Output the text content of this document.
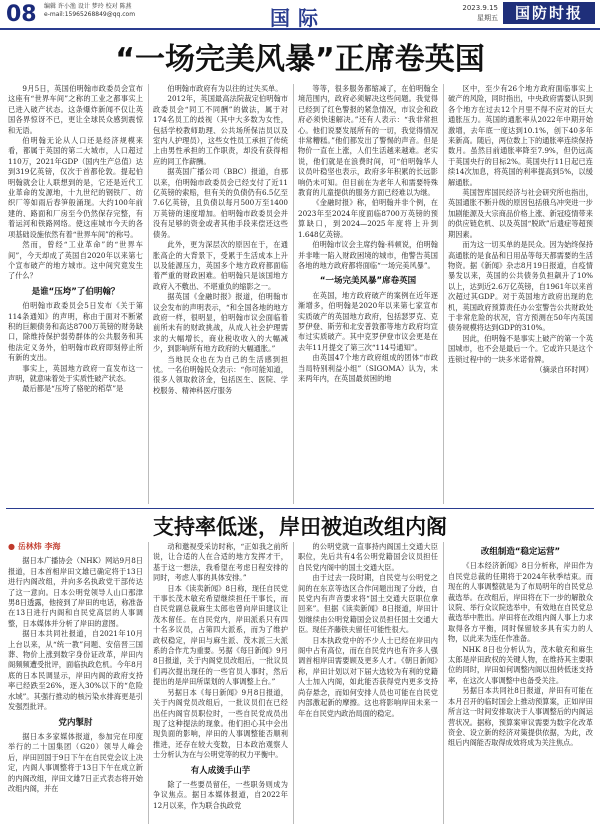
08 编辑 许小渔 设计 梦玲 校对 陈燕
e-mail:15965268849@qq.com	国际	2023.9.15
星期五	国防时报
“一场完美风暴”正席卷英国

9月5日，英国伯明翰市政委员会宣布这座有“世界车间”之称的工业之都事实上已进入破产状态。这条爆炸新闻不仅让英国各界惊讶不已，更让全球民众感到震惊和无语。

伯明翰无论从人口还是经济规模来看，都属于英国的第二大城市，人口超过110万，2021年GDP（国内生产总值）达到319亿英镑，仅次于首都伦敦。提起伯明翰就会让人联想到的是，它还是近代工业革命的发源地，十九世纪的钢铁厂、纺织厂等如雨后春笋般涌现。大约100年前建的、路面和厂房至今仍然保存完整，有着运河和铁路网络。使这座城市今天的各项基础设施依然有着“世界车间”的称号。

然而，曾经“工业革命”的“世界车间”，今天却成了英国自2020年以来第七个宣布破产的地方城市。这中间究竟发生了什么？

是谁“压垮”了伯明翰？

伯明翰市政委员会5日发布《关于第114条通知》的声明，称由于面对不断紧积的巨额债务和高达8700万英镑的财务缺口，除维持保护弱势群体的公共服务和其他法定义务外，伯明翰市政府即刻停止所有新的支出。

事实上，英国地方政府一直发布这一声明，就意味着处于实质性破产状态。

最后都是“压垮了骆驼的稻草”是

伯明翰市政府有为以往的过失买单。

2012年，英国最高法院裁定伯明翰市政委员会“同工不同酬”的做法，属于对174名员工的歧视（其中大多数为女性，包括学校教师助理、公共场所保洁员以及室内人护理员），这些女性员工承担了传统上由男性承担的工作职责，却没有获得相应的同工作薪酬。

据英国广播公司（BBC）报道，自那以来，伯明翰市政委员会已经支付了近11亿英镑的索赔，但有关的负债仍有6.5亿至7.6亿英镑，且负债以每月500万至1400万英镑的速度增加。伯明翰市政委员会并没有足够的资金或者其他手段来偿还这些债务。

此外，更为深层次的原因在于，在通胀高企的大背景下，受累于生活成本上升以及能源压力，英国多个地方政府都面临着严重的财政困难。伯明翰只是该国地方政府入不敷出、不堪重负的缩影之一。

据英国《金融时报》报道，伯明翰市议会发布的声明表示，“和全国各地的地方政府一样，很明显，伯明翰市议会面临着前所未有的财政挑战，从成人社会护理需求的大幅增长，商业税收收入的大幅减少，到影响所有地方政府的大幅通胀。”

当地民众也在为自己的生活感到担忧。一名伯明翰民众表示：“你可能知道，很多人领取救济金，包括医生、医院、学校服务、精神科医疗服务

等等，很多服务都缩减了，在伯明翰全境范围内，政府必须解决这些问题。我觉得已经到了红色警报的紧急情况，市议会和政府必须快速解决。”还有人表示：“我非常担心。他们说要发展所有的一切，我觉得情况非常糟糕。”他们都发出了警惕的声音。但是物价一直在上涨，人们生活越来越难。老实说，他们就是在浪费时间，可“伯明翰华人议员叶稳坚也表示，政府多年积累的长远影响仍未可知。但目前在为老年人和需要特殊教育的儿童提供的服务方面已经难以为继。

《金融时报》称，伯明翰并非个例，在2023年至2024年度面临8700万英镑的预算缺口，到2024—2025年度将上升到1.648亿英镑。

伯明翰市议会主席约翰·科顿说，伯明翰并非唯一陷入财政困境的城市，他警告英国各地的地方政府都将面临“一场完美风暴”。

“一场完美风暴”席卷英国

在英国，地方政府破产的案例在近年逐渐增多，伯明翰是2020年以来第七家宣布实质破产的英国地方政府，包括瑟罗克、克罗伊登、斯劳和北安普敦都等地方政府均宣布过实质破产。其中克罗伊登市议会更是在去年11月提交了第三次“114号通知”。

由英国47个地方政府组成的团体“市政当局特别利益小组”（SIGOMA）认为，未来两年内，在英国最贫困的地

区中，至少有26个地方政府面临事实上破产的风险，同时指出，中央政府需要认识到各个地方在过去12个月里不得不应对的巨大通胀压力。英国的通胀率从2022年中期开始激增，去年底一度达到10.1%，创下40多年来新高。随后，两位数上下的通胀率连续保持数月。虽然目前通胀率降至7.9%，但仍远高于英国央行的目标2%。英国央行11日起已连续14次加息，将英国的利率提高到5%，以缓解通胀。

英国智库国民经济与社会研究所也指出，英国通胀不断升级的原因包括俄乌冲突进一步加剧能源及大宗商品价格上涨、新冠疫情带来的供应链危机、以及英国“脱欧”后遗症等超预期因素。

而为这一切买单的是民众。因为始终保持高通胀的是食品和日用品等每天都需要的生活物资。据《新闻》杂志8月19日报道，自疫情暴发以来，英国的公共债务负担飙升了10%以上，达到近2.6万亿英镑，自1961年以来首次超过其GDP。对于英国地方政府出现的危机，英国政府预算责任办公室警告公共财政处于非常危险的状况，官方预测在50年内英国债务规模将达到GDP的310%。

因此，伯明翰不是事实上破产的第一个英国城市，也不会是最后一个。它或许只是这个连锁过程中的一块多米诺骨牌。

（摘录自环时网）

支持率低迷，岸田被迫改组内阁

● 岳林炜 李海

据日本广播协会（NHK）网站9月8日报道，日本首相岸田文雄已确定将于13日进行内阁改组，并向多名执政党干部传达了这一意向。日本公明党领导人山口那津男8日透露，他接到了岸田的电话，称准备在13日进行内阁和自民党高层的人事调整，日本媒体并分析了岸田的意图。

据日本共同社报道，自2021年10月上台以来，从“统一教”问题、安倍晋三国葬、物价上涨到数字身份证改革，岸田内阁频频遭受批评，面临执政危机。今年8月底的日本民调显示，岸田内阁的政府支持率已经跌至26%，逐入30%以下的“危险水域”。其强行推动的核污染水排海更是引发强烈批评。

党内掣肘

据日本多家媒体报道，参加完在印度举行的二十国集团（G20）领导人峰会后，岸田回国于9日下午在自民党会议上决定，内阁人事调整将于13日下午在成立新的内阁改组，岸田文雄7日正式表态将开始改组内阁，并在

动和邀视受采访时称，“正如我之前所说，让合适的人在合适的地方发挥才干，基于这一想法，我希望在考虑日程安排的同时，考虑人事的具体安排。”

日本《读卖新闻》8日称，现任自民党干事长茂木敏充希望继续担任干事长，而自民党副总裁麻生太郎也曾向岸田建议让茂木留任。在自民党内，岸田派系只有四十名多议员，占第四大派系，而为了维护政权稳定，岸田与麻生派、茂木派三大派系的合作尤为重要。另据《每日新闻》9月8日报道，关于内阁党员改组后，一批议员们再次提出现任的一些官员人事时，然后提出的是岸田所谋划的人事调整上台。”

另据日本《每日新闻》9月8日报道，关于内阁党员改组后，一批议员们在已经出任内阁官员职位时，一些自民党成员出现了这种提法的现象。他们担心其中会出现负面的影响，岸田的人事调整能否顺利推进，还存在较大变数，日本政治观察人士分析认为在与公明党等的权力平衡中。

有人成烫手山芋

除了一些要员留任，一些职务则成为争议焦点。据日本媒体报道，自2022年12月以来，作为联合执政党

的公明党就一直事持内阁国土交通大臣职位，先后共有4名公明党籍国会议员担任自民党内阁中的国土交通大臣。

由于过去一段时期，自民党与公明党之间的在东京等选区合作问题出现了分歧，自民党内有声音要求将“国土交通大臣职位拿回来”。但据《读卖新闻》8日报道，岸田计划继续由公明党籍国会议员担任国土交通大臣。现任齐藤铁夫留任可能性很大。

日本执政党中的不少人士已经在岸田内阁中占有高位，而在自民党内也有许多人强调首相岸田需要顾及更多人才。《朝日新闻》称，岸田计划以对下届大选较为有利的党籍人士加入内阁，如此能否获得党内更多支持尚存悬念，而如何安排人员也可能在自民党内部激起新的摩擦。这也将影响岸田未来一年在自民党内政治局面的稳定。

改组制造“稳定运营”

《日本经济新闻》8日分析称，岸田作为自民党总裁的任期将于2024年秋季结束。而现在的人事调整就是为了布局明年的自民党总裁选举。在改组后，岸田将在下一步的解散众议院、举行众议院选举中，有效地在自民党总裁选举中胜出。岸田将在改组内阁人事上力求取得各方平衡，同时保留较多具有实力的人物，以此来为连任作准备。

NHK 8日也分析认为，茂木敏充和麻生太郎是岸田政权的关键人物，在维持其主要职位的同时，岸田如何调整内阁以扭转低迷支持率，在这次人事调整中也备受关注。

另据日本共同社8日报道，岸田有可能在本月召开的临时国会上推动预算案，正如岸田所言这一时间安排取决于人事调整后的内阁运营状况。据称，预算案审议需要为数字化改革资金、设立新的经济对策提供依据，为此，改组后内阁能否取得成效将成为关注焦点。
